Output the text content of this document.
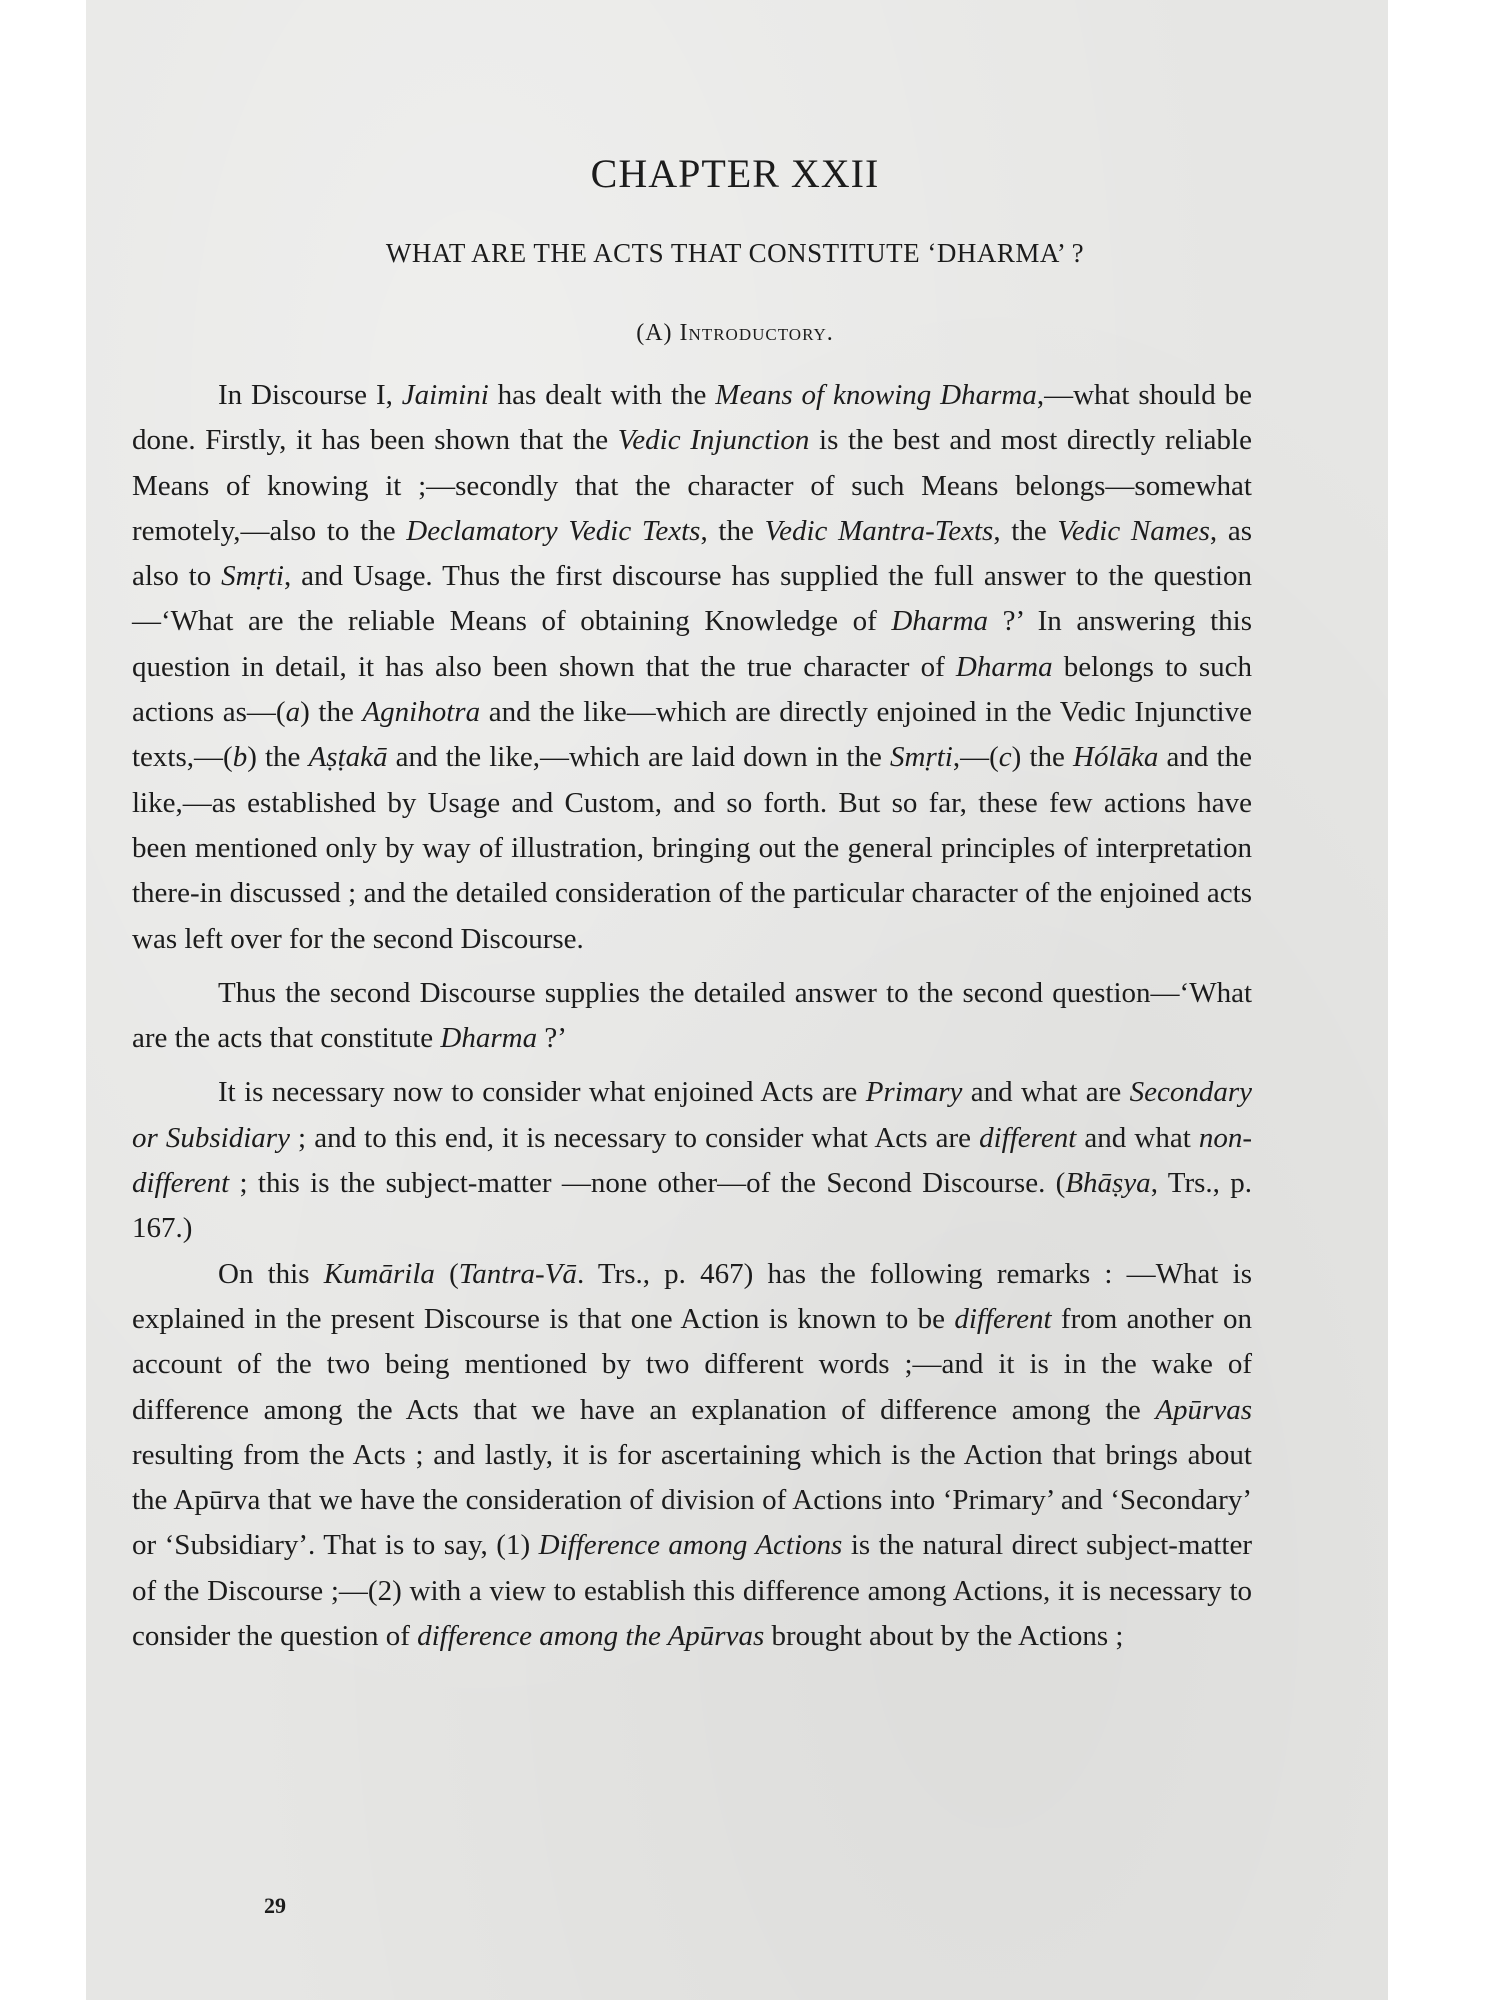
CHAPTER XXII
WHAT ARE THE ACTS THAT CONSTITUTE ‘DHARMA’ ?
(A) Introductory.

In Discourse I, Jaimini has dealt with the Means of knowing Dharma,—what should be done. Firstly, it has been shown that the Vedic Injunction is the best and most directly reliable Means of knowing it ;—secondly that the character of such Means belongs—somewhat remotely,—also to the Declamatory Vedic Texts, the Vedic Mantra-Texts, the Vedic Names, as also to Smṛti, and Usage. Thus the first discourse has supplied the full answer to the question—‘What are the reliable Means of obtaining Knowledge of Dharma ?’ In answering this question in detail, it has also been shown that the true character of Dharma belongs to such actions as—(a) the Agnihotra and the like—which are directly enjoined in the Vedic Injunctive texts,—(b) the Aṣṭakā and the like,—which are laid down in the Smṛti,—(c) the Hólāka and the like,—as established by Usage and Custom, and so forth. But so far, these few actions have been mentioned only by way of illustration, bringing out the general principles of interpretation there-in discussed ; and the detailed consideration of the particular character of the enjoined acts was left over for the second Discourse.

Thus the second Discourse supplies the detailed answer to the second question—‘What are the acts that constitute Dharma ?’

It is necessary now to consider what enjoined Acts are Primary and what are Secondary or Subsidiary ; and to this end, it is necessary to consider what Acts are different and what non-different ; this is the subject-matter —none other—of the Second Discourse. (Bhāṣya, Trs., p. 167.)

On this Kumārila (Tantra-Vā. Trs., p. 467) has the following remarks : —What is explained in the present Discourse is that one Action is known to be different from another on account of the two being mentioned by two different words ;—and it is in the wake of difference among the Acts that we have an explanation of difference among the Apūrvas resulting from the Acts ; and lastly, it is for ascertaining which is the Action that brings about the Apūrva that we have the consideration of division of Actions into ‘Primary’ and ‘Secondary’ or ‘Subsidiary’. That is to say, (1) Difference among Actions is the natural direct subject-matter of the Discourse ;—(2) with a view to establish this difference among Actions, it is necessary to consider the question of difference among the Apūrvas brought about by the Actions ;

29
